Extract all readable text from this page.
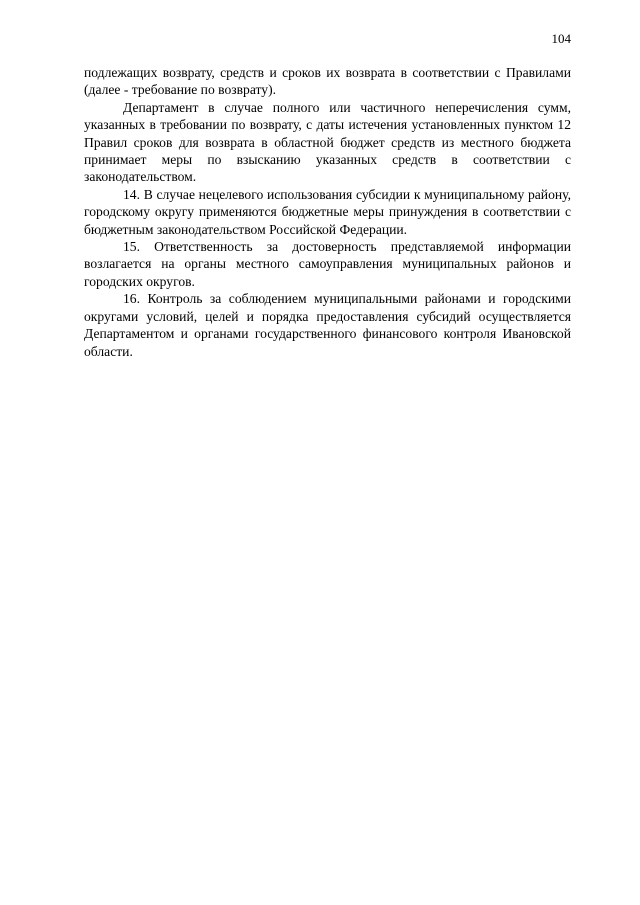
104

подлежащих возврату, средств и сроков их возврата в соответствии с Правилами (далее - требование по возврату).

Департамент в случае полного или частичного неперечисления сумм, указанных в требовании по возврату, с даты истечения установленных пунктом 12 Правил сроков для возврата в областной бюджет средств из местного бюджета принимает меры по взысканию указанных средств в соответствии с законодательством.

14. В случае нецелевого использования субсидии к муниципальному району, городскому округу применяются бюджетные меры принуждения в соответствии с бюджетным законодательством Российской Федерации.

15. Ответственность за достоверность представляемой информации возлагается на органы местного самоуправления муниципальных районов и городских округов.

16. Контроль за соблюдением муниципальными районами и городскими округами условий, целей и порядка предоставления субсидий осуществляется Департаментом и органами государственного финансового контроля Ивановской области.
